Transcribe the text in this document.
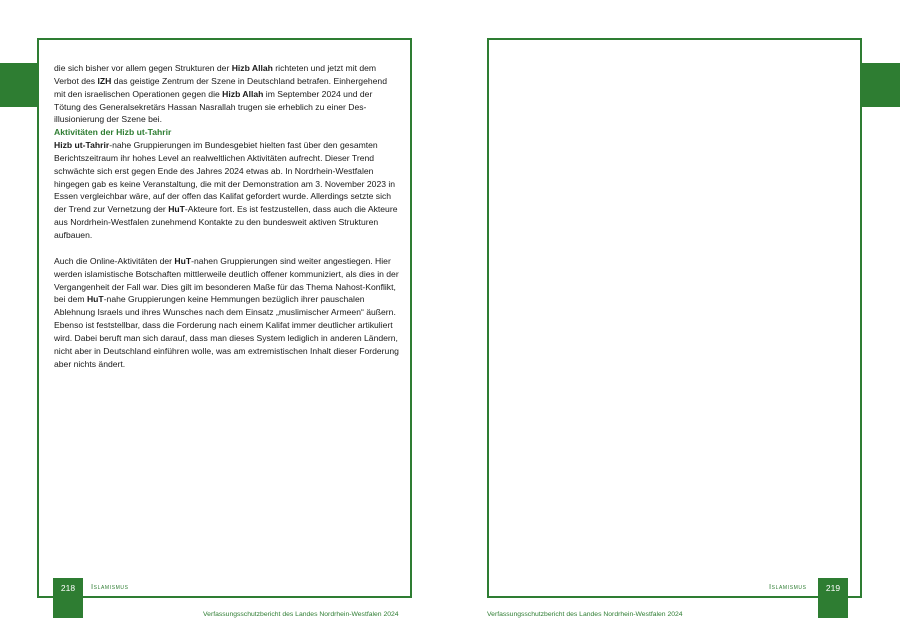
die sich bisher vor allem gegen Strukturen der Hizb Allah richteten und jetzt mit dem Verbot des IZH das geistige Zentrum der Szene in Deutschland betrafen. Einhergehend mit den israelischen Operationen gegen die Hizb Allah im September 2024 und der Tötung des Generalsekretärs Hassan Nasrallah trugen sie erheblich zu einer Desillusionierung der Szene bei.

Aktivitäten der Hizb ut-Tahrir

Hizb ut-Tahrir-nahe Gruppierungen im Bundesgebiet hielten fast über den gesamten Berichtszeitraum ihr hohes Level an realweltlichen Aktivitäten aufrecht. Dieser Trend schwächte sich erst gegen Ende des Jahres 2024 etwas ab. In Nordrhein-Westfalen hingegen gab es keine Veranstaltung, die mit der Demonstration am 3. November 2023 in Essen vergleichbar wäre, auf der offen das Kalifat gefordert wurde. Allerdings setzte sich der Trend zur Vernetzung der HuT-Akteure fort. Es ist festzustellen, dass auch die Akteure aus Nordrhein-Westfalen zunehmend Kontakte zu den bundesweit aktiven Strukturen aufbauen.

Auch die Online-Aktivitäten der HuT-nahen Gruppierungen sind weiter angestiegen. Hier werden islamistische Botschaften mittlerweile deutlich offener kommuniziert, als dies in der Vergangenheit der Fall war. Dies gilt im besonderen Maße für das Thema Nahost-Konflikt, bei dem HuT-nahe Gruppierungen keine Hemmungen bezüglich ihrer pauschalen Ablehnung Israels und ihres Wunsches nach dem Einsatz „muslimischer Armeen“ äußern. Ebenso ist feststellbar, dass die Forderung nach einem Kalifat immer deutlicher artikuliert wird. Dabei beruft man sich darauf, dass man dieses System lediglich in anderen Ländern, nicht aber in Deutschland einführen wolle, was am extremistischen Inhalt dieser Forderung aber nichts ändert.

218	Islamismus
Verfassungsschutzbericht des Landes Nordrhein-Westfalen 2024
219
Islamismus
Verfassungsschutzbericht des Landes Nordrhein-Westfalen 2024
